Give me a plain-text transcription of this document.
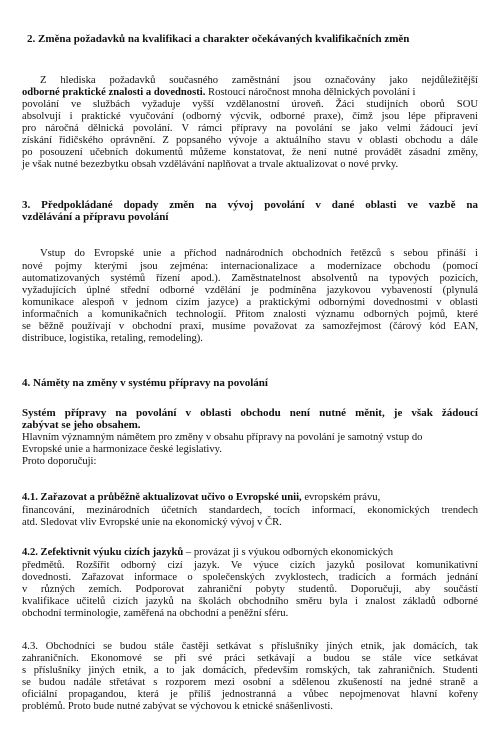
2. Změna požadavků na kvalifikaci a charakter očekávaných kvalifikačních změn
Z hlediska požadavků současného zaměstnání jsou označovány jako nejdůležitější
odborné praktické znalosti a dovednosti. Rostoucí náročnost mnoha dělnických povolání i
povolání ve službách vyžaduje vyšší vzdělanostní úroveň. Žáci studijních oborů SOU
absolvují i praktické vyučování (odborný výcvik, odborné praxe), čímž jsou lépe připraveni
pro náročná dělnická povolání. V rámci přípravy na povolání se jako velmi žádoucí jeví
získání řidičského oprávnění. Z popsaného vývoje a aktuálního stavu v oblasti obchodu a dále
po posouzení učebních dokumentů můžeme konstatovat, že není nutné provádět zásadní změny,
je však nutné bezezbytku obsah vzdělávání naplňovat a trvale aktualizovat o nové prvky.
3. Předpokládané dopady změn na vývoj povolání v dané oblasti ve vazbě na
vzdělávání a přípravu povolání
Vstup do Evropské unie a příchod nadnárodních obchodních řetězců s sebou přináší i
nové pojmy kterými jsou zejména: internacionalizace a modernizace obchodu (pomocí
automatizovaných systémů řízení apod.). Zaměstnatelnost absolventů na typových pozicích,
vyžadujících úplné střední odborné vzdělání je podmíněna jazykovou vybaveností (plynulá
komunikace alespoň v jednom cizím jazyce) a praktickými odbornými dovednostmi v oblasti
informačních a komunikačních technologií. Přitom znalosti významu odborných pojmů, které
se běžně používají v obchodní praxi, musíme považovat za samozřejmost (čárový kód EAN,
distribuce, logistika, retaling, remodeling).
4. Náměty na změny v systému přípravy na povolání
Systém přípravy na povolání v oblasti obchodu není nutné měnit, je však žádoucí
zabývat se jeho obsahem.
Hlavním významným námětem pro změny v obsahu přípravy na povolání je samotný vstup do
Evropské unie a harmonizace české legislativy.
Proto doporučuji:
4.1. Zařazovat a průběžně aktualizovat učivo o Evropské unii, evropském právu,
financování, mezinárodních účetních standardech, tocích informací, ekonomických trendech
atd. Sledovat vliv Evropské unie na ekonomický vývoj v ČR.
4.2. Zefektivnit výuku cizích jazyků – provázat ji s výukou odborných ekonomických
předmětů. Rozšířit odborný cizí jazyk. Ve výuce cizích jazyků posilovat komunikativní
dovednosti. Zařazovat informace o společenských zvyklostech, tradicích a formách jednání
v různých zemích. Podporovat zahraniční pobyty studentů. Doporučuji, aby součástí
kvalifikace učitelů cizích jazyků na školách obchodního směru byla i znalost základů odborné
obchodní terminologie, zaměřená na obchodní a peněžní sféru.
4.3. Obchodníci se budou stále častěji setkávat s příslušníky jiných etnik, jak domácích, tak
zahraničních. Ekonomové se při své práci setkávají a budou se stále více setkávat
s příslušníky jiných etnik, a to jak domácích, především romských, tak zahraničních. Studenti
se budou nadále střetávat s rozporem mezi osobní a sdělenou zkušeností na jedné straně a
oficiální propagandou, která je příliš jednostranná a vůbec nepojmenovat hlavní kořeny
problémů. Proto bude nutné zabývat se výchovou k etnické snášenlivosti.
